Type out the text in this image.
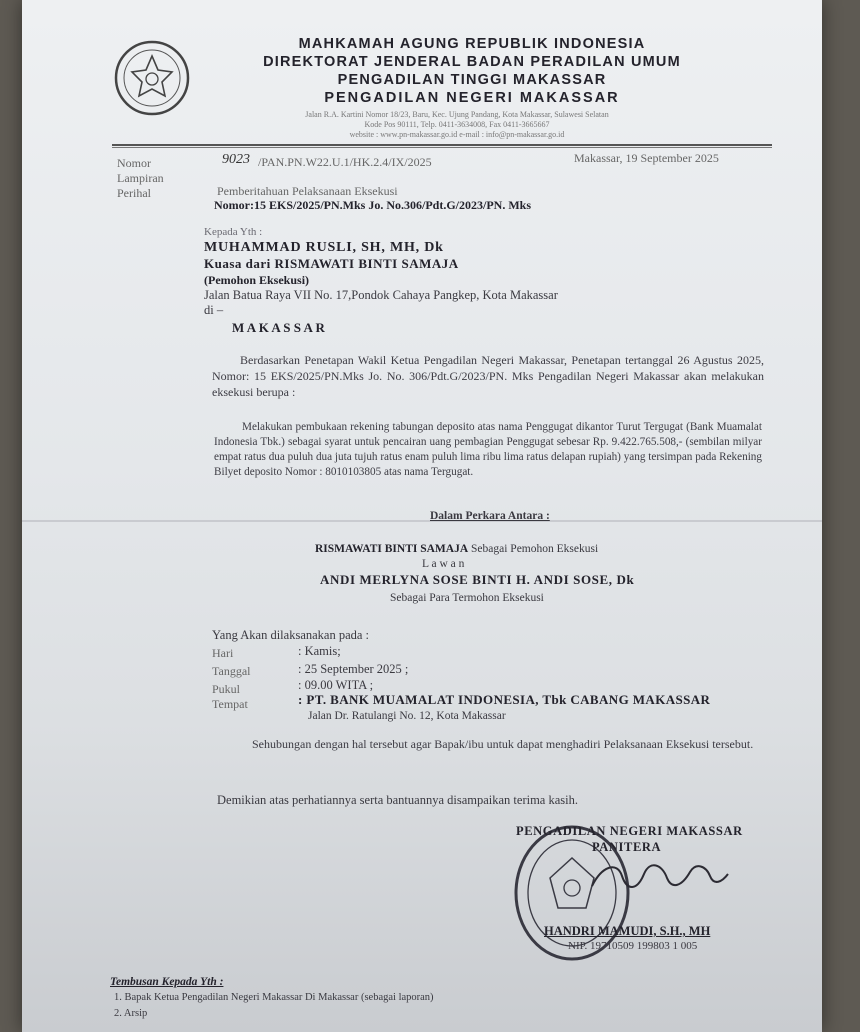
MAHKAMAH AGUNG REPUBLIK INDONESIA
DIREKTORAT JENDERAL BADAN PERADILAN UMUM
PENGADILAN TINGGI MAKASSAR
PENGADILAN NEGERI MAKASSAR
Jalan R.A. Kartini Nomor 18/23, Baru, Kec. Ujung Pandang, Kota Makassar, Sulawesi Selatan
Kode Pos 90111, Telp. 0411-3634008, Fax 0411-3665667
website : www.pn-makassar.go.id e-mail : info@pn-makassar.go.id
Nomor
Lampiran
Perihal
9023 /PAN.PN.W22.U.1/HK.2.4/IX/2025	Makassar, 19 September 2025
Pemberitahuan Pelaksanaan Eksekusi
Nomor:15 EKS/2025/PN.Mks Jo. No.306/Pdt.G/2023/PN. Mks
Kepada Yth :
MUHAMMAD RUSLI, SH, MH, Dk
Kuasa dari RISMAWATI BINTI SAMAJA
(Pemohon Eksekusi)
Jalan Batua Raya VII No. 17,Pondok Cahaya Pangkep, Kota Makassar
di –
M A K A S S A R
Berdasarkan Penetapan Wakil Ketua Pengadilan Negeri Makassar, Penetapan tertanggal 26 Agustus 2025, Nomor: 15 EKS/2025/PN.Mks Jo. No. 306/Pdt.G/2023/PN. Mks Pengadilan Negeri Makassar akan melakukan eksekusi berupa :
Melakukan pembukaan rekening tabungan deposito atas nama Penggugat dikantor Turut Tergugat (Bank Muamalat Indonesia Tbk.) sebagai syarat untuk pencairan uang pembagian Penggugat sebesar Rp. 9.422.765.508,- (sembilan milyar empat ratus dua puluh dua juta tujuh ratus enam puluh lima ribu lima ratus delapan rupiah) yang tersimpan pada Rekening Bilyet deposito Nomor : 8010103805 atas nama Tergugat.
Dalam Perkara Antara :
RISMAWATI BINTI SAMAJA Sebagai Pemohon Eksekusi
L a w a n
ANDI MERLYNA SOSE BINTI H. ANDI SOSE, Dk
Sebagai Para Termohon Eksekusi
Yang Akan dilaksanakan pada :
Hari	: Kamis;
Tanggal	: 25 September 2025 ;
Pukul	: 09.00 WITA ;
Tempat	: PT. BANK MUAMALAT INDONESIA, Tbk CABANG MAKASSAR
Jalan Dr. Ratulangi No. 12, Kota Makassar
Sehubungan dengan hal tersebut agar Bapak/ibu untuk dapat menghadiri Pelaksanaan Eksekusi tersebut.
Demikian atas perhatiannya serta bantuannya disampaikan terima kasih.
PENGADILAN NEGERI MAKASSAR
PANITERA
HANDRI MAMUDI, S.H., MH
NIP. 19710509 199803 1 005
Tembusan Kepada Yth :
1. Bapak Ketua Pengadilan Negeri Makassar Di Makassar (sebagai laporan)
2. Arsip
